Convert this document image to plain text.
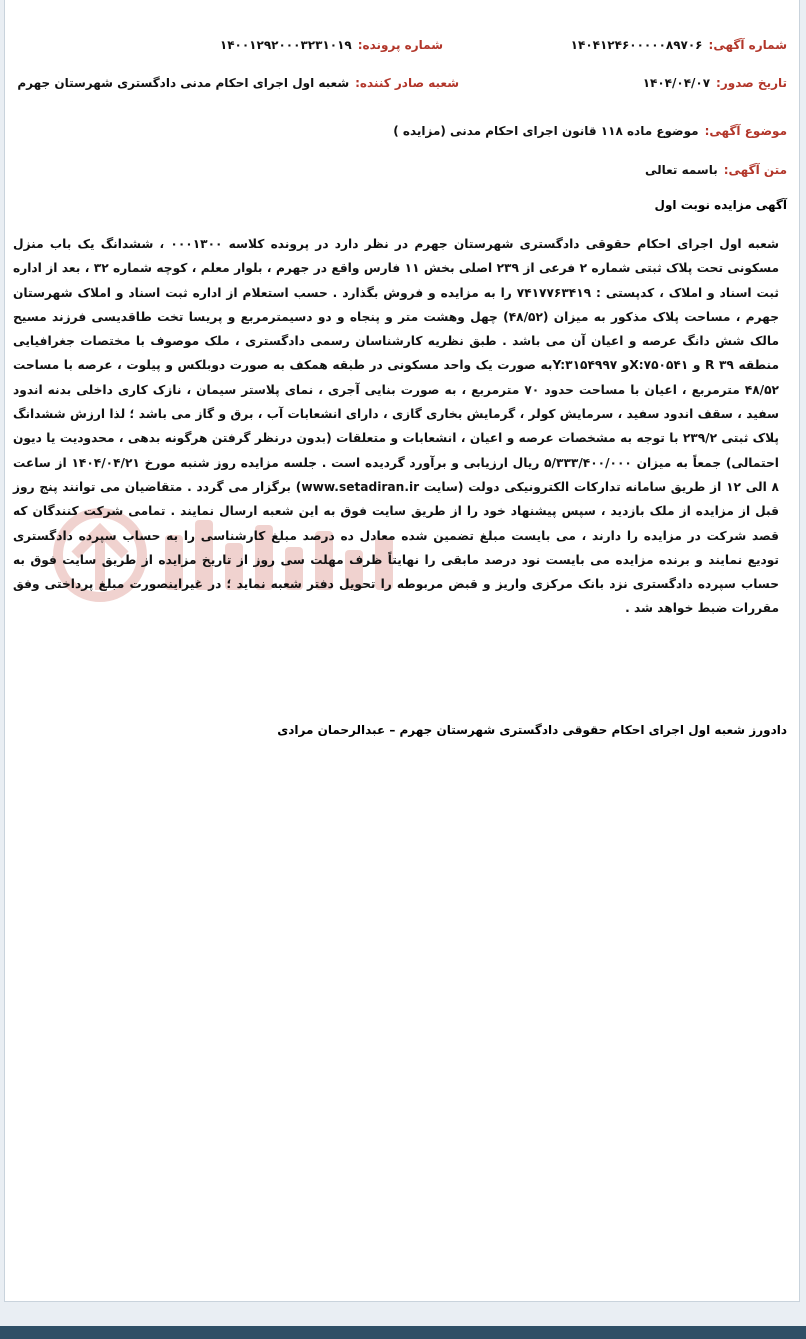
شماره آگهی:۱۴۰۴۱۲۴۶۰۰۰۰۰۸۹۷۰۶
شماره پرونده:۱۴۰۰۱۲۹۲۰۰۰۳۲۳۱۰۱۹
تاریخ صدور:۱۴۰۴/۰۴/۰۷
شعبه صادر کننده:شعبه اول اجرای احکام مدنی دادگستری شهرستان جهرم
موضوع آگهی:موضوع ماده ۱۱۸ قانون اجرای احکام مدنی (مزایده )
متن آگهی:باسمه تعالی
آگهی مزایده نوبت اول
شعبه اول اجرای احکام حقوقی دادگستری شهرستان جهرم در نظر دارد در پرونده کلاسه ۰۰۰۱۳۰۰ ، ششدانگ یک باب منزل مسکونی تحت پلاک ثبتی شماره ۲ فرعی از ۲۳۹ اصلی بخش ۱۱ فارس واقع در جهرم ، بلوار معلم ، کوچه شماره ۳۲ ، بعد از اداره ثبت اسناد و املاک ، کدپستی : ۷۴۱۷۷۶۳۴۱۹ را به مزایده و فروش بگذارد . حسب استعلام از اداره ثبت اسناد و املاک شهرستان جهرم ، مساحت پلاک مذکور به میزان (۴۸/۵۲) چهل وهشت متر و پنجاه و دو دسیمترمربع و پریسا تخت طاقدیسی فرزند مسیح مالک شش دانگ عرصه و اعیان آن می باشد . طبق نظریه کارشناسان رسمی دادگستری ، ملک موصوف با مختصات جغرافیایی منطقه ۳۹ R و X:۷۵۰۵۴۱و Y:۳۱۵۴۹۹۷به صورت یک واحد مسکونی در طبقه همکف به صورت دوبلکس و پیلوت ، عرصه با مساحت ۴۸/۵۲ مترمربع ، اعیان با مساحت حدود ۷۰ مترمربع ، به صورت بنایی آجری ، نمای پلاستر سیمان ، نازک کاری داخلی بدنه اندود سفید ، سقف اندود سفید ، سرمایش کولر ، گرمایش بخاری گازی ، دارای انشعابات آب ، برق و گاز می باشد ؛ لذا ارزش ششدانگ پلاک ثبتی ۲۳۹/۲ با توجه به مشخصات عرصه و اعیان ، انشعابات و متعلقات (بدون درنظر گرفتن هرگونه بدهی ، محدودیت یا دیون احتمالی) جمعاً به میزان ۵/۳۳۳/۴۰۰/۰۰۰ ریال ارزیابی و برآورد گردیده است . جلسه مزایده روز شنبه مورخ ۱۴۰۴/۰۴/۲۱ از ساعت ۸ الی ۱۲ از طریق سامانه تدارکات الکترونیکی دولت (سایت www.setadiran.ir) برگزار می گردد . متقاضیان می توانند پنج روز قبل از مزایده از ملک بازدید ، سپس پیشنهاد خود را از طریق سایت فوق به این شعبه ارسال نمایند . تمامی شرکت کنندگان که قصد شرکت در مزایده را دارند ، می بایست مبلغ تضمین شده معادل ده درصد مبلغ کارشناسی را به حساب سپرده دادگستری تودیع نمایند و برنده مزایده می بایست نود درصد مابقی را نهایتاً ظرف مهلت سی روز از تاریخ مزایده از طریق سایت فوق به حساب سپرده دادگستری نزد بانک مرکزی واریز و قبض مربوطه را تحویل دفتر شعبه نماید ؛ در غیراینصورت مبلغ پرداختی وفق مقررات ضبط خواهد شد .
دادورز شعبه اول اجرای احکام حقوقی دادگستری شهرستان جهرم – عبدالرحمان مرادی
